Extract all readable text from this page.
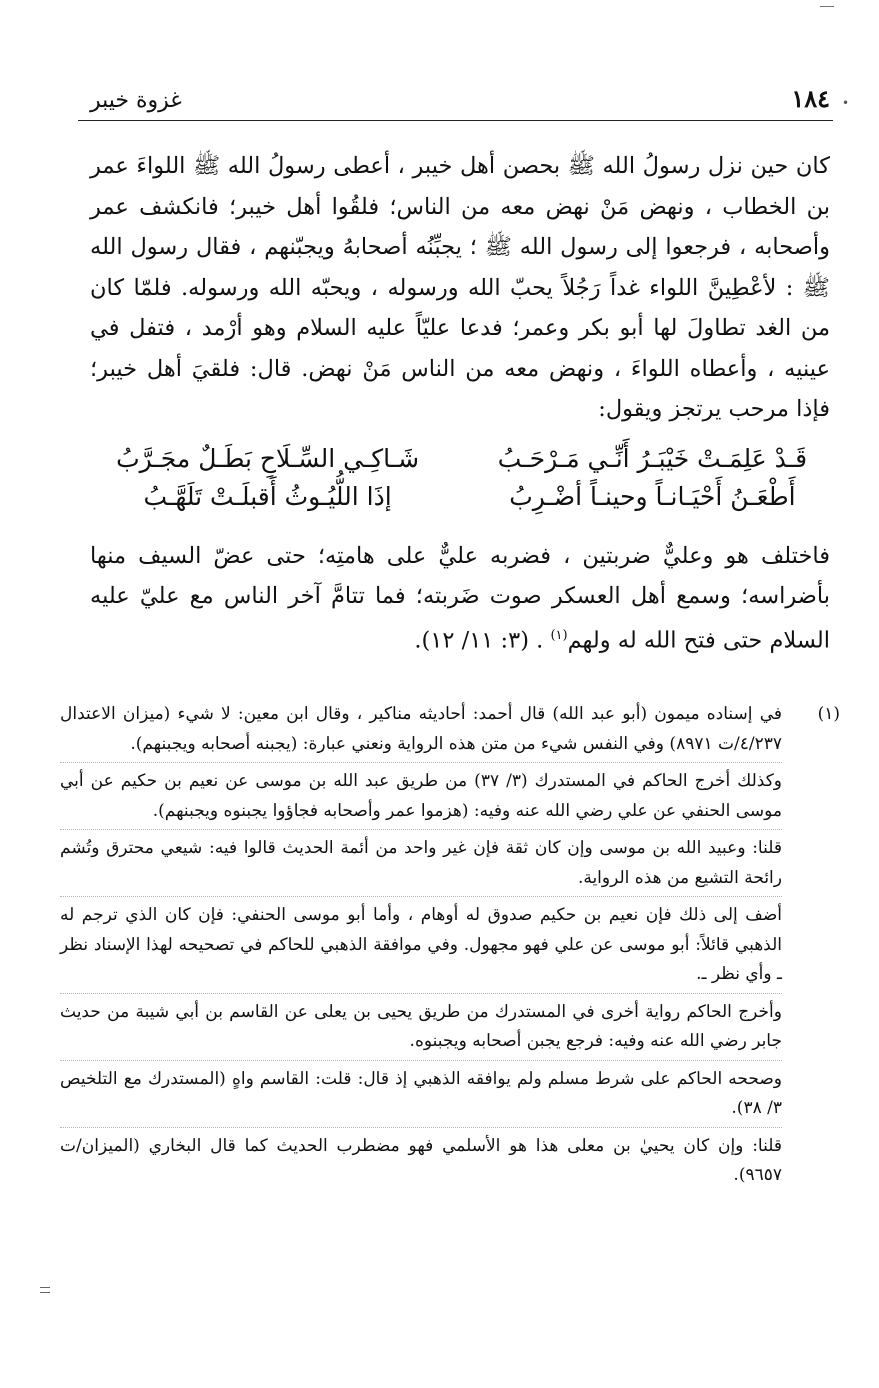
•
١٨٤
غزوة خيبر

كان حين نزل رسولُ الله ﷺ بحصن أهل خيبر ، أعطى رسولُ الله ﷺ اللواءَ عمر بن الخطاب ، ونهض مَنْ نهض معه من الناس؛ فلقُوا أهل خيبر؛ فانكشف عمر وأصحابه ، فرجعوا إلى رسول الله ﷺ ؛ يجبِّنُه أصحابهُ ويجبّنهم ، فقال رسول الله ﷺ : لأعْطِينَّ اللواء غداً رَجُلاً يحبّ الله ورسوله ، ويحبّه الله ورسوله. فلمّا كان من الغد تطاولَ لها أبو بكر وعمر؛ فدعا عليّاً عليه السلام وهو أرْمد ، فتفل في عينيه ، وأعطاه اللواءَ ، ونهض معه من الناس مَنْ نهض. قال: فلقيَ أهل خيبر؛ فإذا مرحب يرتجز ويقول:

قَـدْ عَلِمَـتْ خَيْبَـرُ أَنِّـي مَـرْحَـبُ
شَـاكِـي السِّـلَاحِ بَطَـلٌ مجَـرَّبُ
أَطْعَـنُ أَحْيَـانـاً وحينـاً أضْـرِبُ
إذَا اللُّيُـوثُ أَقبلَـتْ تَلَهَّـبُ

فاختلف هو وعليٌّ ضربتين ، فضربه عليٌّ على هامتِه؛ حتى عضّ السيف منها بأضراسه؛ وسمع أهل العسكر صوت ضَربته؛ فما تتامَّ آخر الناس مع عليّ عليه السلام حتى فتح الله له ولهم$^{(١)}$ . (٣: ١١/ ١٢).

(١)

في إسناده ميمون (أبو عبد الله) قال أحمد: أحاديثه مناكير ، وقال ابن معين: لا شيء (ميزان الاعتدال ٤/٢٣٧/ت ٨٩٧١) وفي النفس شيء من متن هذه الرواية ونعني عبارة: (يجبنه أصحابه ويجبنهم).

وكذلك أخرج الحاكم في المستدرك (٣/ ٣٧) من طريق عبد الله بن موسى عن نعيم بن حكيم عن أبي موسى الحنفي عن علي رضي الله عنه وفيه: (هزموا عمر وأصحابه فجاؤوا يجبنوه ويجبنهم).

قلنا: وعبيد الله بن موسى وإن كان ثقة فإن غير واحد من أئمة الحديث قالوا فيه: شيعي محترق وتُشم رائحة التشيع من هذه الرواية.

أضف إلى ذلك فإن نعيم بن حكيم صدوق له أوهام ، وأما أبو موسى الحنفي: فإن كان الذي ترجم له الذهبي قائلاً: أبو موسى عن علي فهو مجهول. وفي موافقة الذهبي للحاكم في تصحيحه لهذا الإسناد نظر ـ وأي نظر ـ.

وأخرج الحاكم رواية أخرى في المستدرك من طريق يحيى بن يعلى عن القاسم بن أبي شيبة من حديث جابر رضي الله عنه وفيه: فرجع يجبن أصحابه ويجبنوه.

وصححه الحاكم على شرط مسلم ولم يوافقه الذهبي إذ قال: قلت: القاسم واهٍ (المستدرك مع التلخيص ٣/ ٣٨).

قلنا: وإن كان يحييٰ بن معلى هذا هو الأسلمي فهو مضطرب الحديث كما قال البخاري (الميزان/ت ٩٦٥٧).
